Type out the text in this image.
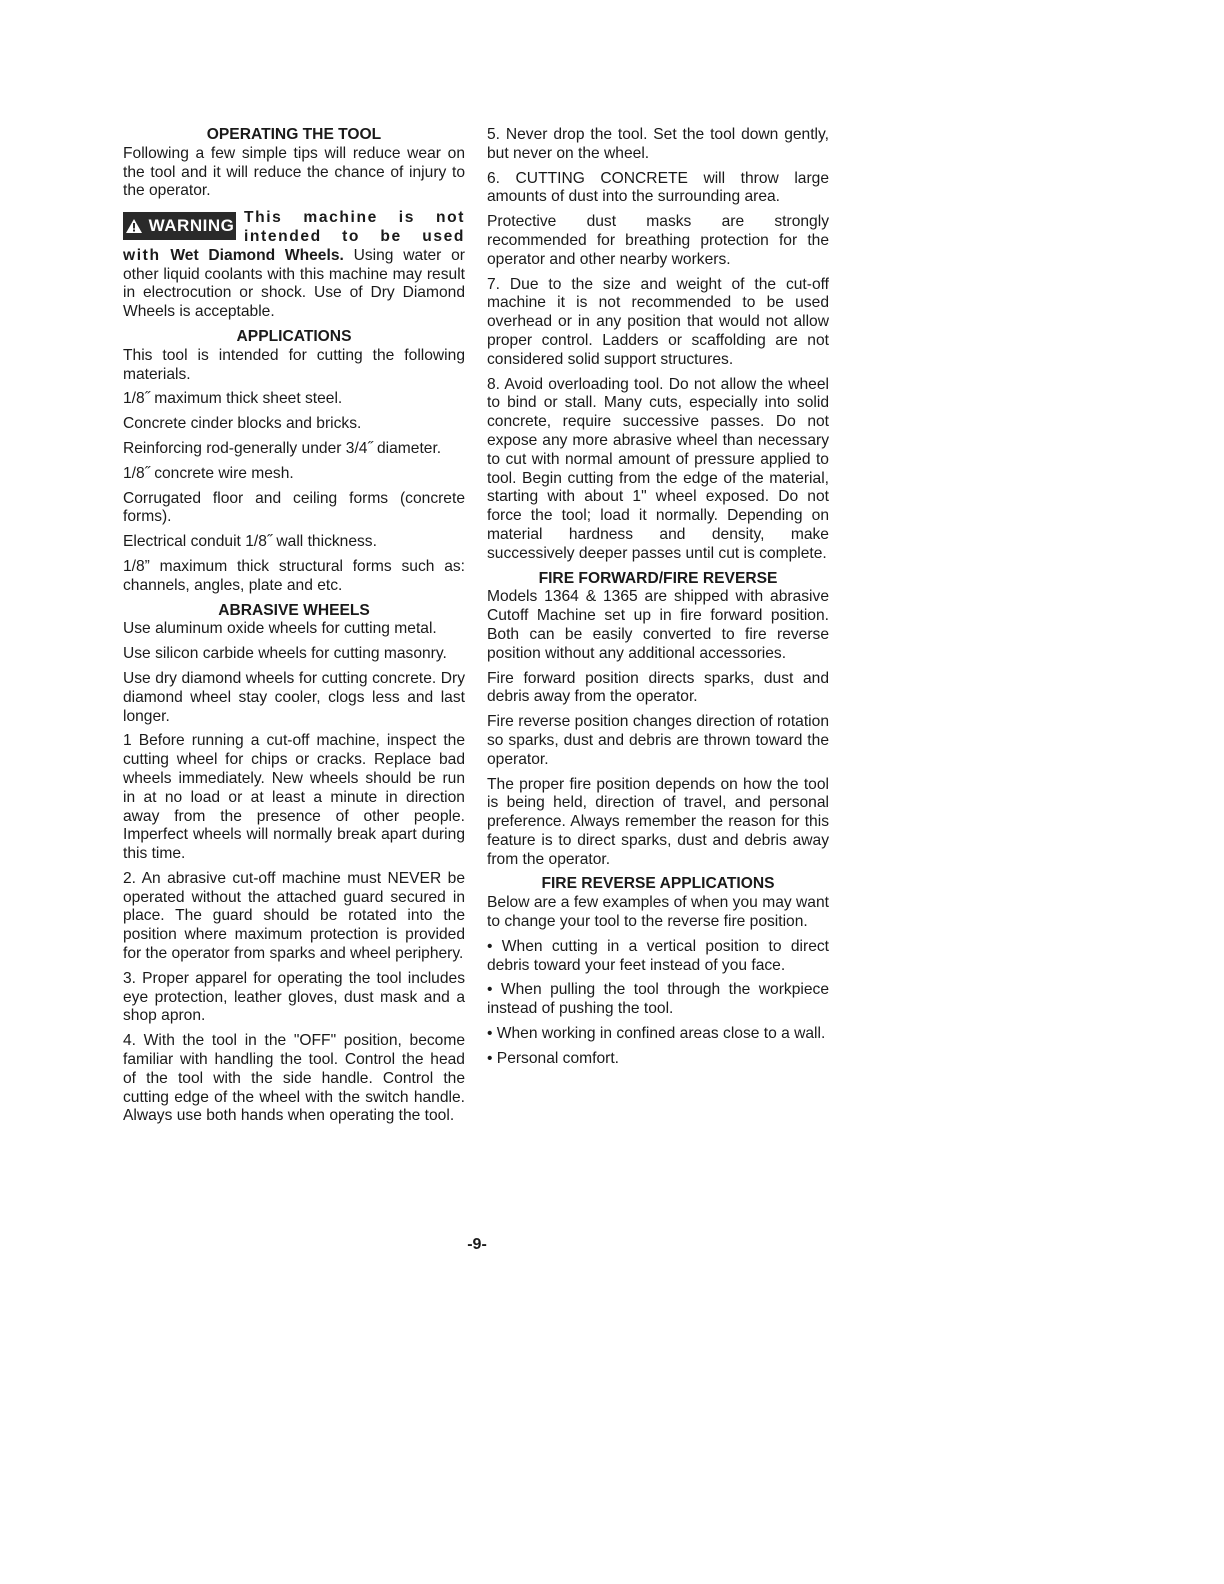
OPERATING THE TOOL

Following a few simple tips will reduce wear on the tool and it will reduce the chance of injury to the operator.

WARNING This machine is not intended to be used with Wet Diamond Wheels. Using water or other liquid coolants with this machine may result in electrocution or shock. Use of Dry Diamond Wheels is acceptable.

APPLICATIONS

This tool is intended for cutting the following materials.

1/8˝ maximum thick sheet steel.

Concrete cinder blocks and bricks.

Reinforcing rod-generally under 3/4˝ diameter.

1/8˝ concrete wire mesh.

Corrugated floor and ceiling forms (concrete forms).

Electrical conduit 1/8˝ wall thickness.

1/8” maximum thick structural forms such as: channels, angles, plate and etc.

ABRASIVE WHEELS

Use aluminum oxide wheels for cutting metal.

Use silicon carbide wheels for cutting masonry.

Use dry diamond wheels for cutting concrete. Dry diamond wheel stay cooler, clogs less and last longer.

1 Before running a cut-off machine, inspect the cutting wheel for chips or cracks. Replace bad wheels immediately. New wheels should be run in at no load or at least a minute in direction away from the presence of other people. Imperfect wheels will normally break apart during this time.

2. An abrasive cut-off machine must NEVER be operated without the attached guard secured in place. The guard should be rotated into the position where maximum protection is provided for the operator from sparks and wheel periphery.

3. Proper apparel for operating the tool includes eye protection, leather gloves, dust mask and a shop apron.

4. With the tool in the "OFF" position, become familiar with handling the tool. Control the head of the tool with the side handle. Control the cutting edge of the wheel with the switch handle. Always use both hands when operating the tool.

5. Never drop the tool. Set the tool down gently, but never on the wheel.

6. CUTTING CONCRETE will throw large amounts of dust into the surrounding area.

Protective dust masks are strongly recommended for breathing protection for the operator and other nearby workers.

7. Due to the size and weight of the cut-off machine it is not recommended to be used overhead or in any position that would not allow proper control. Ladders or scaffolding are not considered solid support structures.

8. Avoid overloading tool. Do not allow the wheel to bind or stall. Many cuts, especially into solid concrete, require successive passes. Do not expose any more abrasive wheel than necessary to cut with normal amount of pressure applied to tool. Begin cutting from the edge of the material, starting with about 1" wheel exposed. Do not force the tool; load it normally. Depending on material hardness and density, make successively deeper passes until cut is complete.

FIRE FORWARD/FIRE REVERSE

Models 1364 & 1365 are shipped with abrasive Cutoff Machine set up in fire forward position. Both can be easily converted to fire reverse position without any additional accessories.

Fire forward position directs sparks, dust and debris away from the operator.

Fire reverse position changes direction of rotation so sparks, dust and debris are thrown toward the operator.

The proper fire position depends on how the tool is being held, direction of travel, and personal preference. Always remember the reason for this feature is to direct sparks, dust and debris away from the operator.

FIRE REVERSE APPLICATIONS

Below are a few examples of when you may want to change your tool to the reverse fire position.

• When cutting in a vertical position to direct debris toward your feet instead of you face.

• When pulling the tool through the workpiece instead of pushing the tool.

• When working in confined areas close to a wall.

• Personal comfort.

-9-
